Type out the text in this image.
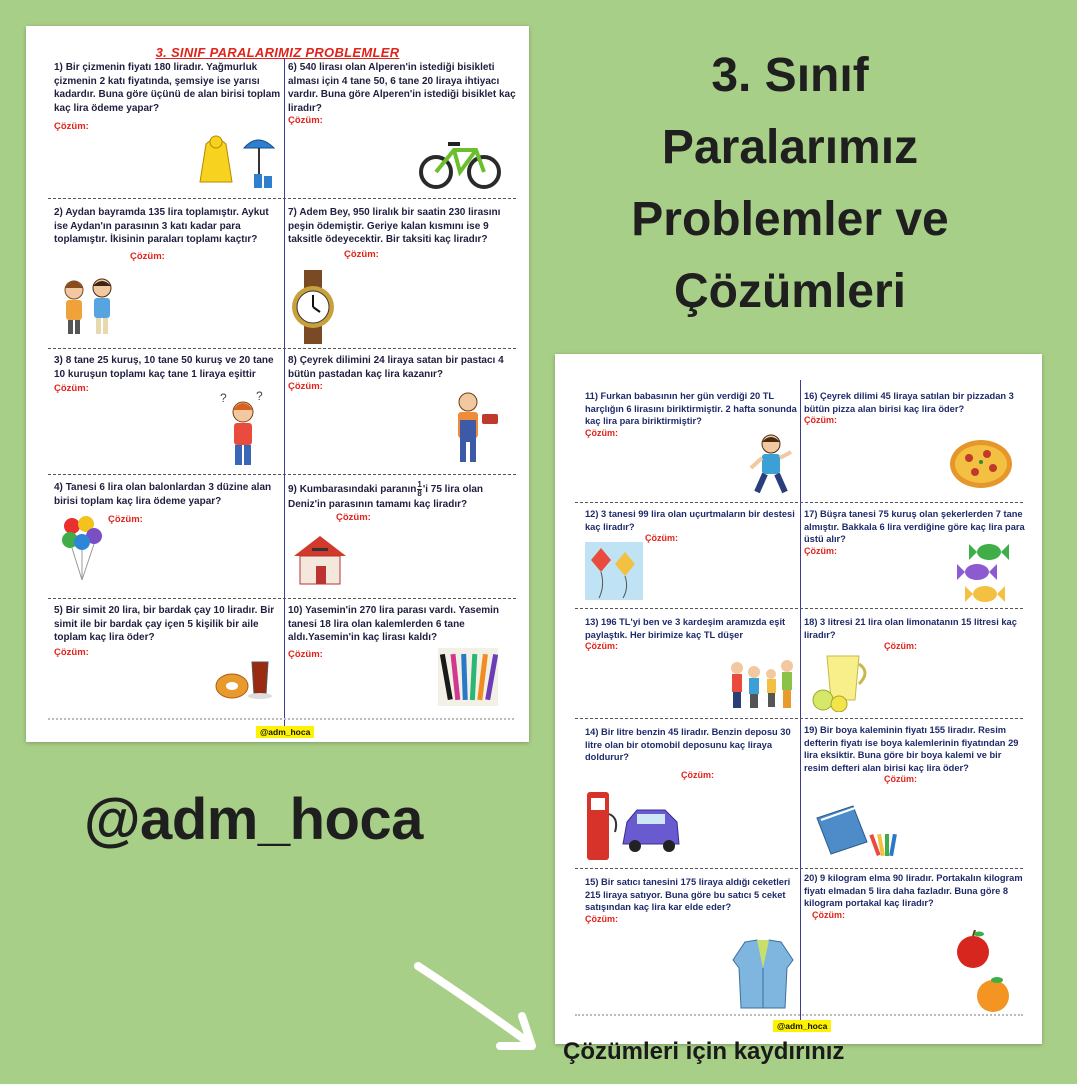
3. SINIF PARALARIMIZ PROBLEMLER
1) Bir çizmenin fiyatı 180 liradır. Yağmurluk çizmenin 2 katı fiyatında, şemsiye ise yarısı kadardır. Buna göre üçünü de alan birisi toplam kaç lira ödeme yapar?
Çözüm:
6) 540 lirası olan Alperen'in istediği bisikleti alması için 4 tane 50, 6 tane 20 liraya ihtiyacı vardır. Buna göre Alperen'in istediği bisiklet kaç liradır?
Çözüm:
2) Aydan bayramda 135 lira toplamıştır. Aykut ise Aydan'ın parasının 3 katı kadar para toplamıştır. İkisinin paraları toplamı kaçtır?
Çözüm:
7) Adem Bey, 950 liralık bir saatin 230 lirasını peşin ödemiştir. Geriye kalan kısmını ise 9 taksitle ödeyecektir. Bir taksiti kaç liradır?
Çözüm:
3) 8 tane 25 kuruş, 10 tane 50 kuruş ve 20 tane 10 kuruşun toplamı kaç tane 1 liraya eşittir
Çözüm:
? ?
8) Çeyrek dilimini 24 liraya satan bir pastacı 4 bütün pastadan kaç lira kazanır?
Çözüm:
4) Tanesi 6 lira olan balonlardan 3 düzine alan birisi toplam kaç lira ödeme yapar?
Çözüm:
9) Kumbarasındaki paranın $\frac{1}{8}$ 'i 75 lira olan Deniz'in parasının tamamı kaç liradır?
Çözüm:
5) Bir simit 20 lira, bir bardak çay 10 liradır. Bir simit ile bir bardak çay içen 5 kişilik bir aile toplam kaç lira öder?
Çözüm:
10) Yasemin'in 270 lira parası vardı. Yasemin tanesi 18 lira olan kalemlerden 6 tane aldı.Yasemin'in kaç lirası kaldı?
Çözüm:
@adm_hoca
3. Sınıf
Paralarımız
Problemler ve
Çözümleri
11) Furkan babasının her gün verdiği 20 TL harçlığın 6 lirasını biriktirmiştir. 2 hafta sonunda kaç lira para biriktirmiştir?
Çözüm:
16) Çeyrek dilimi 45 liraya satılan bir pizzadan 3 bütün pizza alan birisi kaç lira öder?
Çözüm:
12) 3 tanesi 99 lira olan uçurtmaların bir destesi kaç liradır?
Çözüm:
17) Büşra tanesi 75 kuruş olan şekerlerden 7 tane almıştır. Bakkala 6 lira verdiğine göre kaç lira para üstü alır?
Çözüm:
13) 196 TL'yi ben ve 3 kardeşim aramızda eşit paylaştık. Her birimize kaç TL düşer
Çözüm:
18) 3 litresi 21 lira olan limonatanın 15 litresi kaç liradır?
Çözüm:
14) Bir litre benzin 45 liradır. Benzin deposu 30 litre olan bir otomobil deposunu kaç liraya doldurur?
Çözüm:
19) Bir boya kaleminin fiyatı 155 liradır. Resim defterin fiyatı ise boya kalemlerinin fiyatından 29 lira eksiktir. Buna göre bir boya kalemi ve bir resim defteri alan birisi kaç lira öder?
Çözüm:
15) Bir satıcı tanesini 175 liraya aldığı ceketleri 215 liraya satıyor. Buna göre bu satıcı 5 ceket satışından kaç lira kar elde eder?
Çözüm:
20) 9 kilogram elma 90 liradır. Portakalın kilogram fiyatı elmadan 5 lira daha fazladır. Buna göre 8 kilogram portakal kaç liradır?
Çözüm:
@adm_hoca
@adm_hoca
Çözümleri için kaydırınız
